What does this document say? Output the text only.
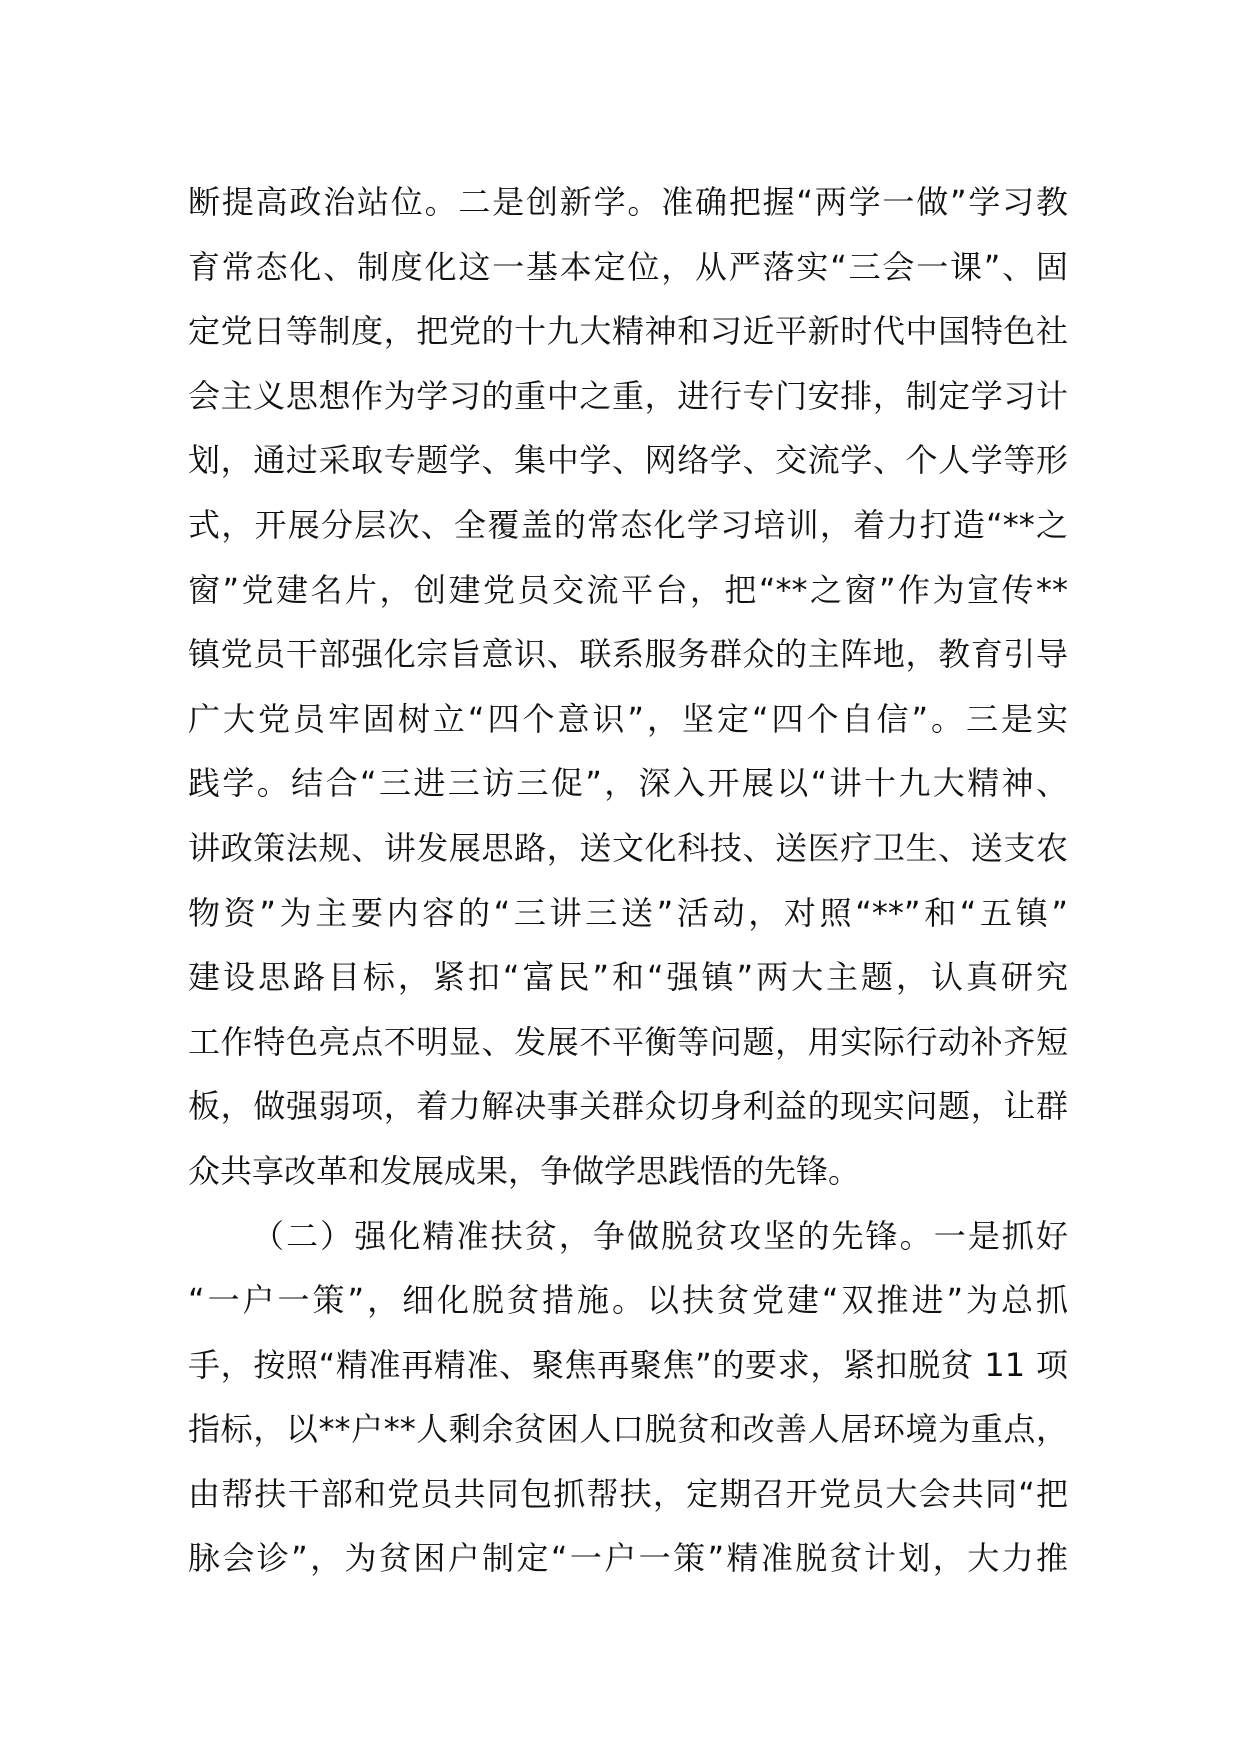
断提高政治站位。二是创新学。准确把握“两学一做”学习教
育常态化、制度化这一基本定位，从严落实“三会一课”、固
定党日等制度，把党的十九大精神和习近平新时代中国特色社
会主义思想作为学习的重中之重，进行专门安排，制定学习计
划，通过采取专题学、集中学、网络学、交流学、个人学等形
式，开展分层次、全覆盖的常态化学习培训，着力打造“**之
窗”党建名片，创建党员交流平台，把“**之窗”作为宣传**
镇党员干部强化宗旨意识、联系服务群众的主阵地，教育引导
广大党员牢固树立“四个意识”，坚定“四个自信”。三是实
践学。结合“三进三访三促”，深入开展以“讲十九大精神、
讲政策法规、讲发展思路，送文化科技、送医疗卫生、送支农
物资”为主要内容的“三讲三送”活动，对照“**”和“五镇”
建设思路目标，紧扣“富民”和“强镇”两大主题，认真研究
工作特色亮点不明显、发展不平衡等问题，用实际行动补齐短
板，做强弱项，着力解决事关群众切身利益的现实问题，让群
众共享改革和发展成果，争做学思践悟的先锋。
（二）强化精准扶贫，争做脱贫攻坚的先锋。一是抓好
“一户一策”，细化脱贫措施。以扶贫党建“双推进”为总抓
手，按照“精准再精准、聚焦再聚焦”的要求，紧扣脱贫 11 项
指标，以**户**人剩余贫困人口脱贫和改善人居环境为重点，
由帮扶干部和党员共同包抓帮扶，定期召开党员大会共同“把
脉会诊”，为贫困户制定“一户一策”精准脱贫计划，大力推
